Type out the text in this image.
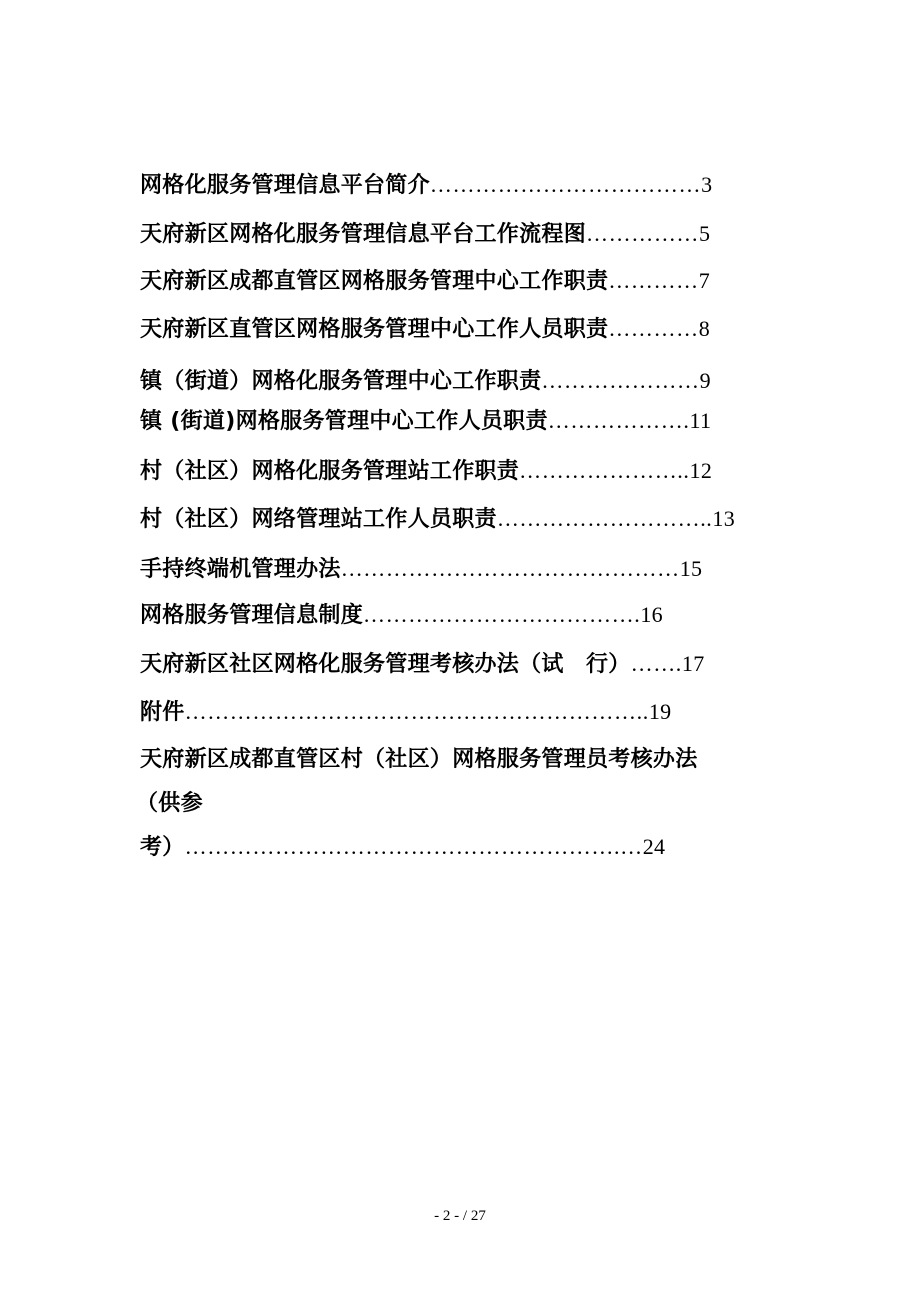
网格化服务管理信息平台简介………………………………3
天府新区网格化服务管理信息平台工作流程图……………5
天府新区成都直管区网格服务管理中心工作职责…………7
天府新区直管区网格服务管理中心工作人员职责…………8
镇（街道）网格化服务管理中心工作职责…………………9
镇 (街道)网格服务管理中心工作人员职责……………….11
村（社区）网格化服务管理站工作职责…………………..12
村（社区）网络管理站工作人员职责………………………..13
手持终端机管理办法………………………………………15
网格服务管理信息制度……………………………….16
天府新区社区网格化服务管理考核办法（试　行）…….17
附件……………………………………………………..19
天府新区成都直管区村（社区）网格服务管理员考核办法
（供参
考）………………………………………………….…24
- 2 - / 27
